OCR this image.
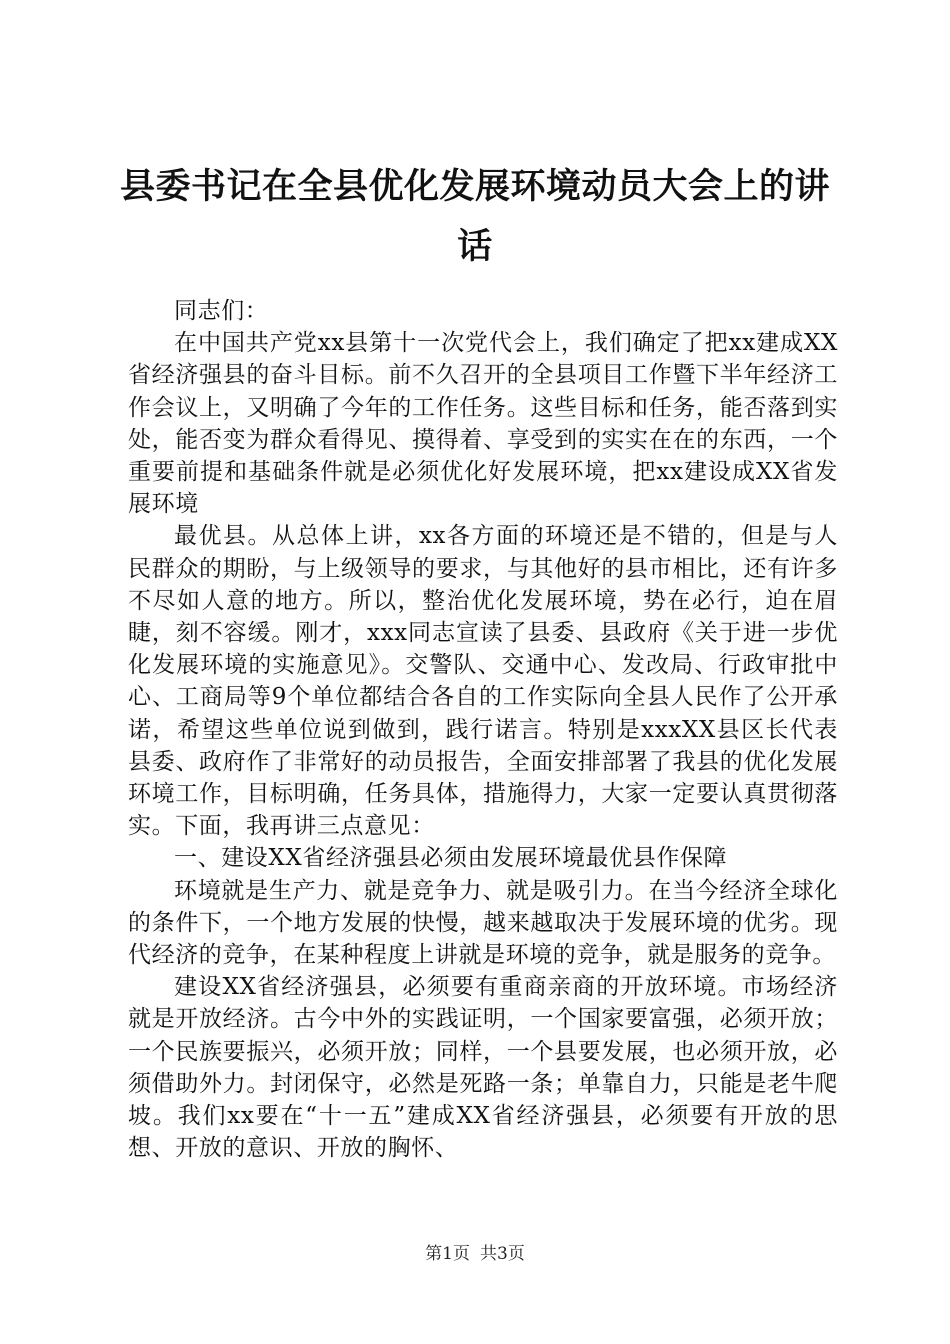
县委书记在全县优化发展环境动员大会上的讲话

同志们：

在中国共产党xx县第十一次党代会上，我们确定了把xx建成XX省经济强县的奋斗目标。前不久召开的全县项目工作暨下半年经济工作会议上，又明确了今年的工作任务。这些目标和任务，能否落到实处，能否变为群众看得见、摸得着、享受到的实实在在的东西，一个重要前提和基础条件就是必须优化好发展环境，把xx建设成XX省发展环境

最优县。从总体上讲，xx各方面的环境还是不错的，但是与人民群众的期盼，与上级领导的要求，与其他好的县市相比，还有许多不尽如人意的地方。所以，整治优化发展环境，势在必行，迫在眉睫，刻不容缓。刚才，xxx同志宣读了县委、县政府《关于进一步优化发展环境的实施意见》。交警队、交通中心、发改局、行政审批中心、工商局等9个单位都结合各自的工作实际向全县人民作了公开承诺，希望这些单位说到做到，践行诺言。特别是xxxXX县区长代表县委、政府作了非常好的动员报告，全面安排部署了我县的优化发展环境工作，目标明确，任务具体，措施得力，大家一定要认真贯彻落实。下面，我再讲三点意见：

一、建设XX省经济强县必须由发展环境最优县作保障

环境就是生产力、就是竞争力、就是吸引力。在当今经济全球化的条件下，一个地方发展的快慢，越来越取决于发展环境的优劣。现代经济的竞争，在某种程度上讲就是环境的竞争，就是服务的竞争。

建设XX省经济强县，必须要有重商亲商的开放环境。市场经济就是开放经济。古今中外的实践证明，一个国家要富强，必须开放；一个民族要振兴，必须开放；同样，一个县要发展，也必须开放，必须借助外力。封闭保守，必然是死路一条；单靠自力，只能是老牛爬坡。我们xx要在“十一五”建成XX省经济强县，必须要有开放的思想、开放的意识、开放的胸怀、

第1页 共3页
